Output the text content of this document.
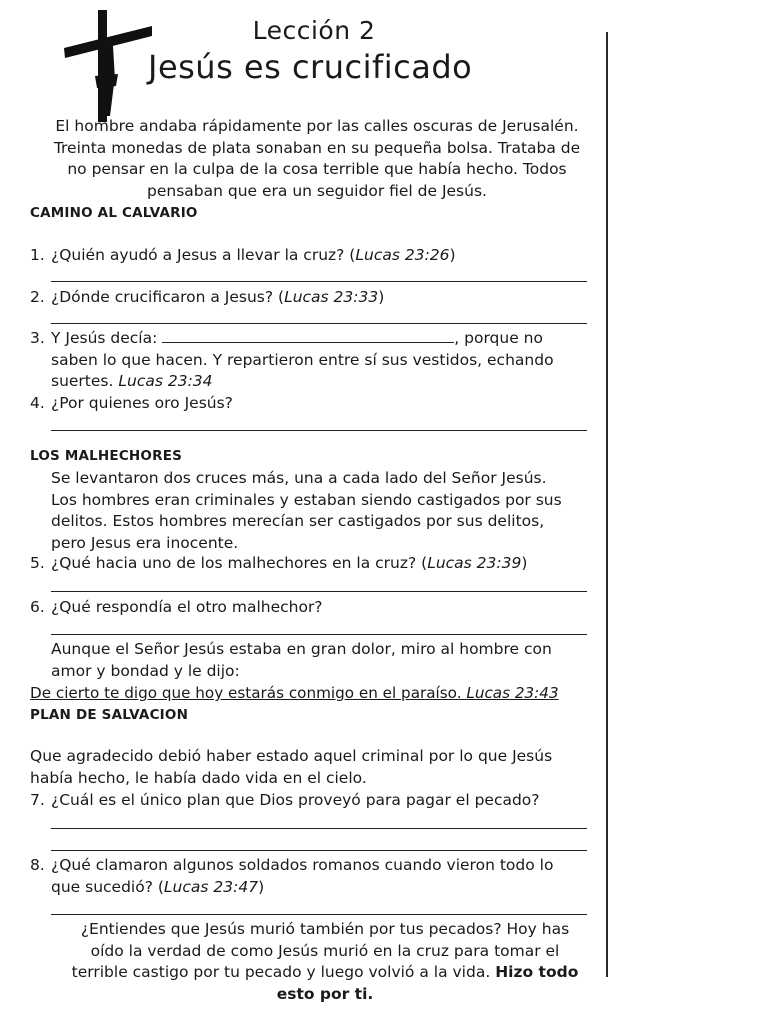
Lección 2
Jesús es crucificado
El hombre andaba rápidamente por las calles oscuras de Jerusalén.
Treinta monedas de plata sonaban en su pequeña bolsa. Trataba de
no pensar en la culpa de la cosa terrible que había hecho. Todos
pensaban que era un seguidor fiel de Jesús.
CAMINO AL CALVARIO
1. ¿Quién ayudó a Jesus a llevar la cruz? (Lucas 23:26)
2. ¿Dónde crucificaron a Jesus? (Lucas 23:33)
3. Y Jesús decía:	, porque no
saben lo que hacen. Y repartieron entre sí sus vestidos, echando
suertes. Lucas 23:34
4. ¿Por quienes oro Jesús?
LOS MALHECHORES
Se levantaron dos cruces más, una a cada lado del Señor Jesús.
Los hombres eran criminales y estaban siendo castigados por sus
delitos. Estos hombres merecían ser castigados por sus delitos,
pero Jesus era inocente.
5. ¿Qué hacia uno de los malhechores en la cruz? (Lucas 23:39)
6. ¿Qué respondía el otro malhechor?
Aunque el Señor Jesús estaba en gran dolor, miro al hombre con
amor y bondad y le dijo:
De cierto te digo que hoy estarás conmigo en el paraíso. Lucas 23:43
PLAN DE SALVACION
Que agradecido debió haber estado aquel criminal por lo que Jesús
había hecho, le había dado vida en el cielo.
7. ¿Cuál es el único plan que Dios proveyó para pagar el pecado?
8. ¿Qué clamaron algunos soldados romanos cuando vieron todo lo
que sucedió? (Lucas 23:47)
¿Entiendes que Jesús murió también por tus pecados? Hoy has
oído la verdad de como Jesús murió en la cruz para tomar el
terrible castigo por tu pecado y luego volvió a la vida. Hizo todo
esto por ti.
